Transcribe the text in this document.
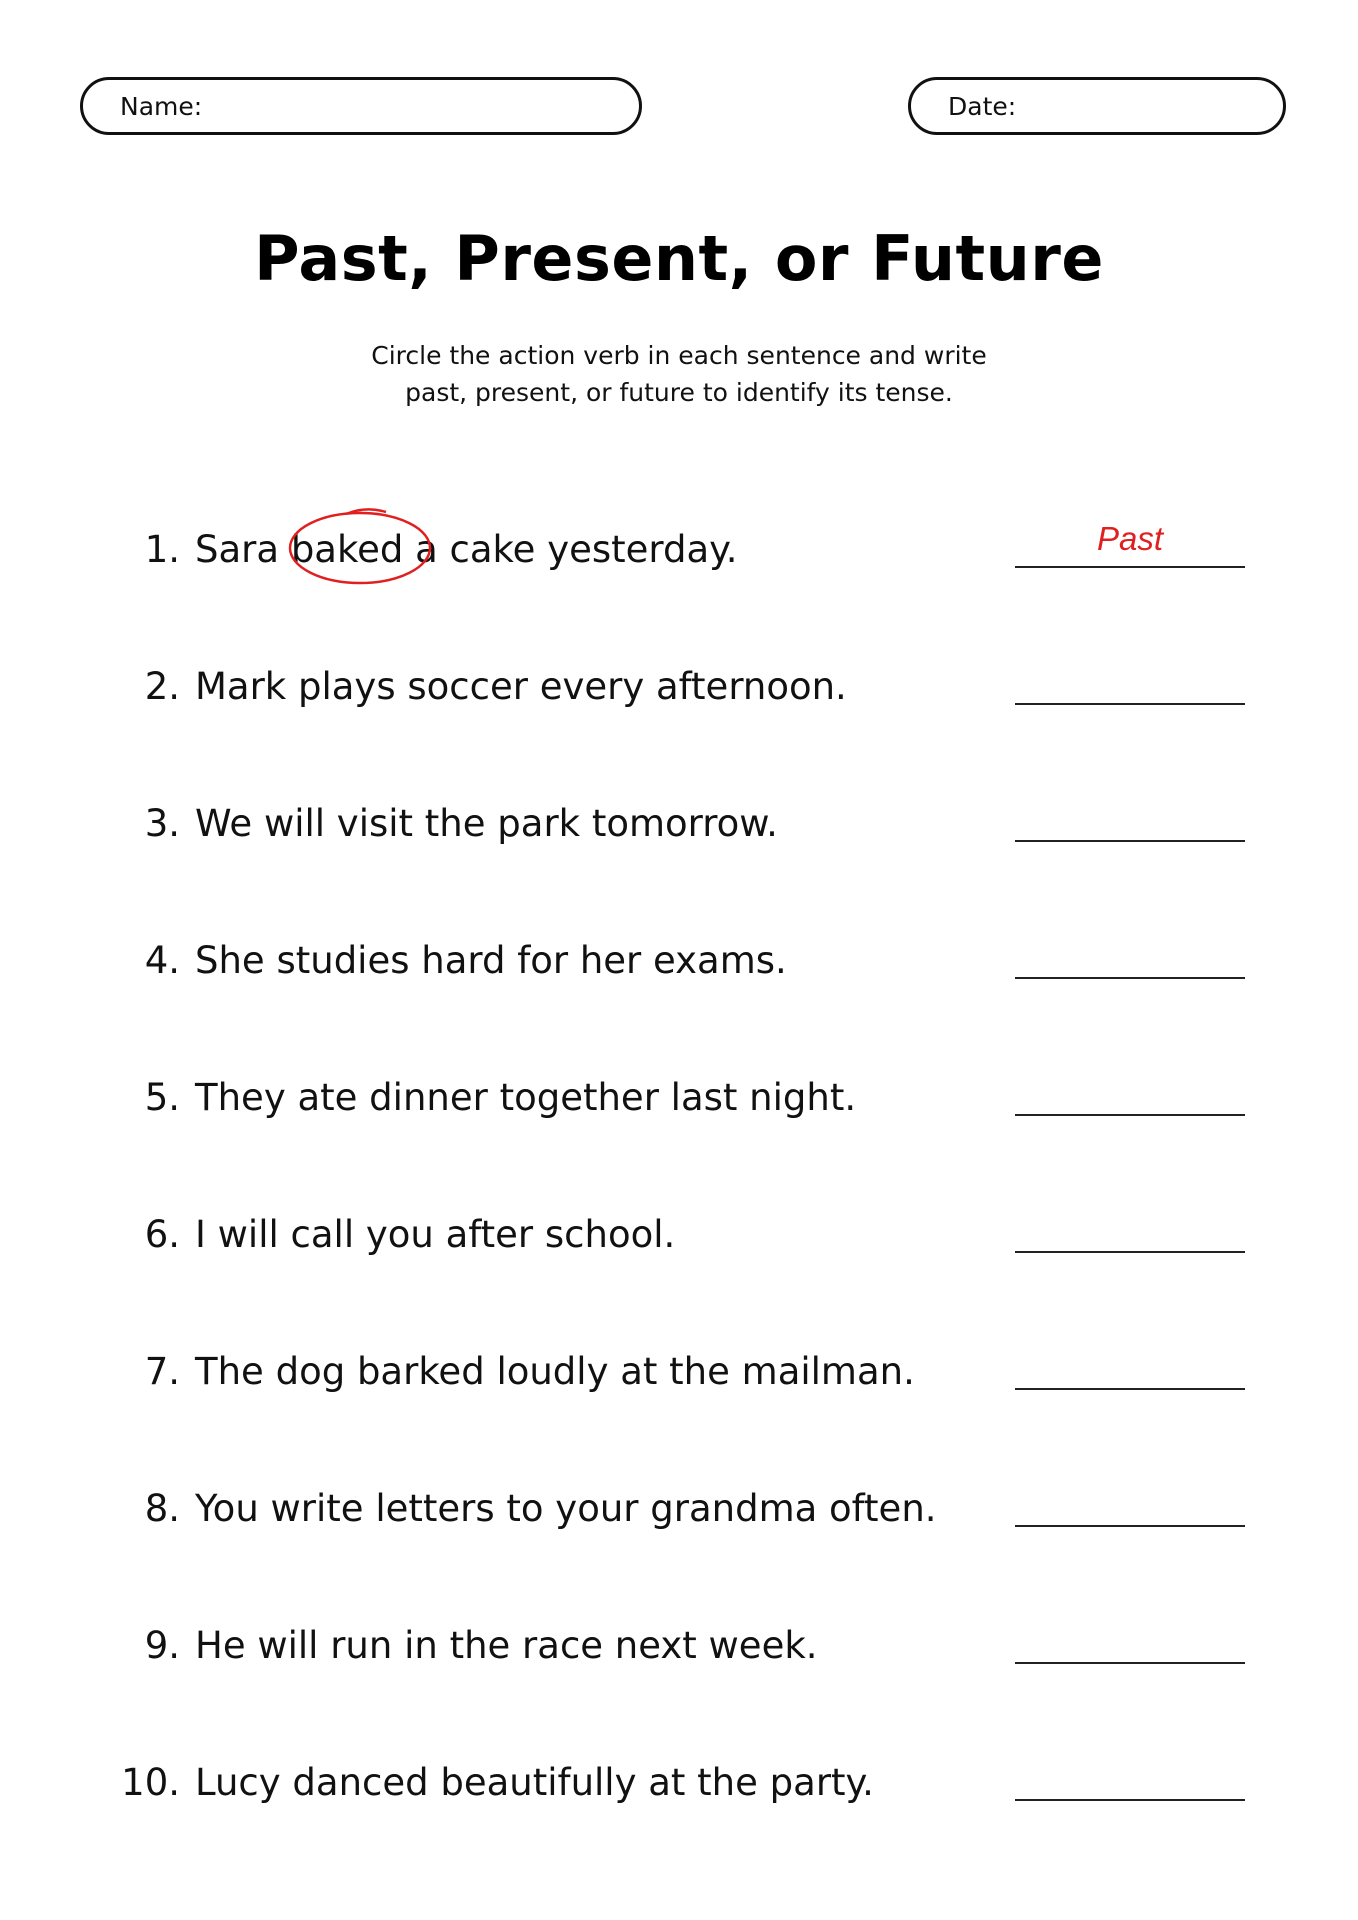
Name:	Date:
Past, Present, or Future
Circle the action verb in each sentence and write
past, present, or future to identify its tense.
1. Sara baked a cake yesterday.	Past
2. Mark plays soccer every afternoon.
3. We will visit the park tomorrow.
4. She studies hard for her exams.
5. They ate dinner together last night.
6. I will call you after school.
7. The dog barked loudly at the mailman.
8. You write letters to your grandma often.
9. He will run in the race next week.
10. Lucy danced beautifully at the party.
